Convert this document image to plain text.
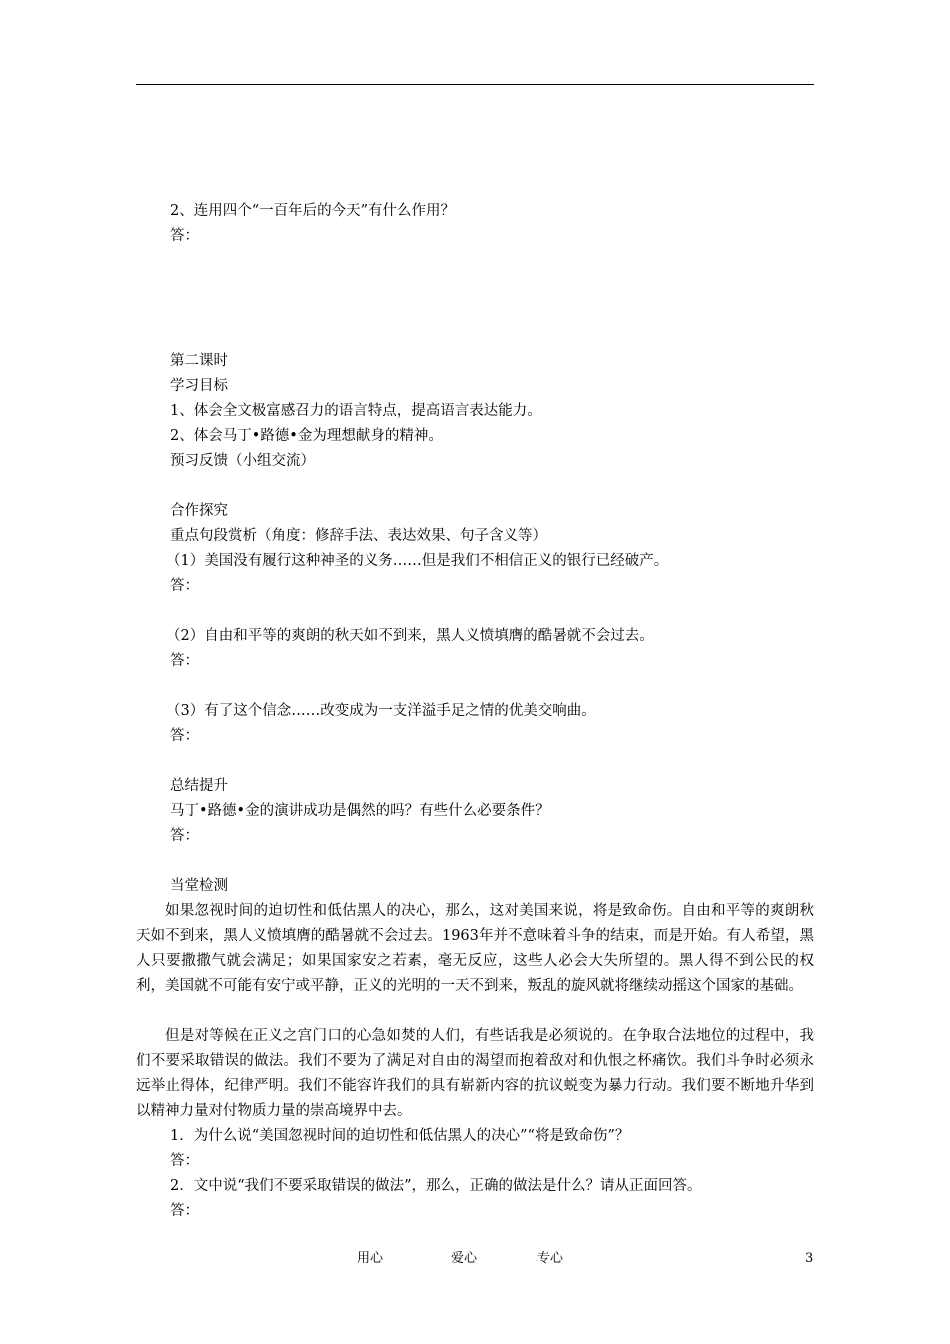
2、连用四个“一百年后的今天”有什么作用？
答：
第二课时
学习目标
1、体会全文极富感召力的语言特点，提高语言表达能力。
2、体会马丁•路德•金为理想献身的精神。
预习反馈（小组交流）
合作探究
重点句段赏析（角度：修辞手法、表达效果、句子含义等）
（1）美国没有履行这种神圣的义务……但是我们不相信正义的银行已经破产。
答：
（2）自由和平等的爽朗的秋天如不到来，黑人义愤填膺的酷暑就不会过去。
答：
（3）有了这个信念……改变成为一支洋溢手足之情的优美交响曲。
答：
总结提升
马丁•路德•金的演讲成功是偶然的吗？有些什么必要条件？
答：
当堂检测
如果忽视时间的迫切性和低估黑人的决心，那么，这对美国来说，将是致命伤。自由和平等的爽朗秋天如不到来，黑人义愤填膺的酷暑就不会过去。1963年并不意味着斗争的结束，而是开始。有人希望，黑人只要撒撒气就会满足；如果国家安之若素，毫无反应，这些人必会大失所望的。黑人得不到公民的权利，美国就不可能有安宁或平静，正义的光明的一天不到来，叛乱的旋风就将继续动摇这个国家的基础。
但是对等候在正义之宫门口的心急如焚的人们，有些话我是必须说的。在争取合法地位的过程中，我们不要采取错误的做法。我们不要为了满足对自由的渴望而抱着敌对和仇恨之杯痛饮。我们斗争时必须永远举止得体，纪律严明。我们不能容许我们的具有崭新内容的抗议蜕变为暴力行动。我们要不断地升华到以精神力量对付物质力量的崇高境界中去。
1．为什么说“美国忽视时间的迫切性和低估黑人的决心”“将是致命伤”？
答：
2．文中说“我们不要采取错误的做法”，那么，正确的做法是什么？请从正面回答。
答：
用心	爱心	专心	3
